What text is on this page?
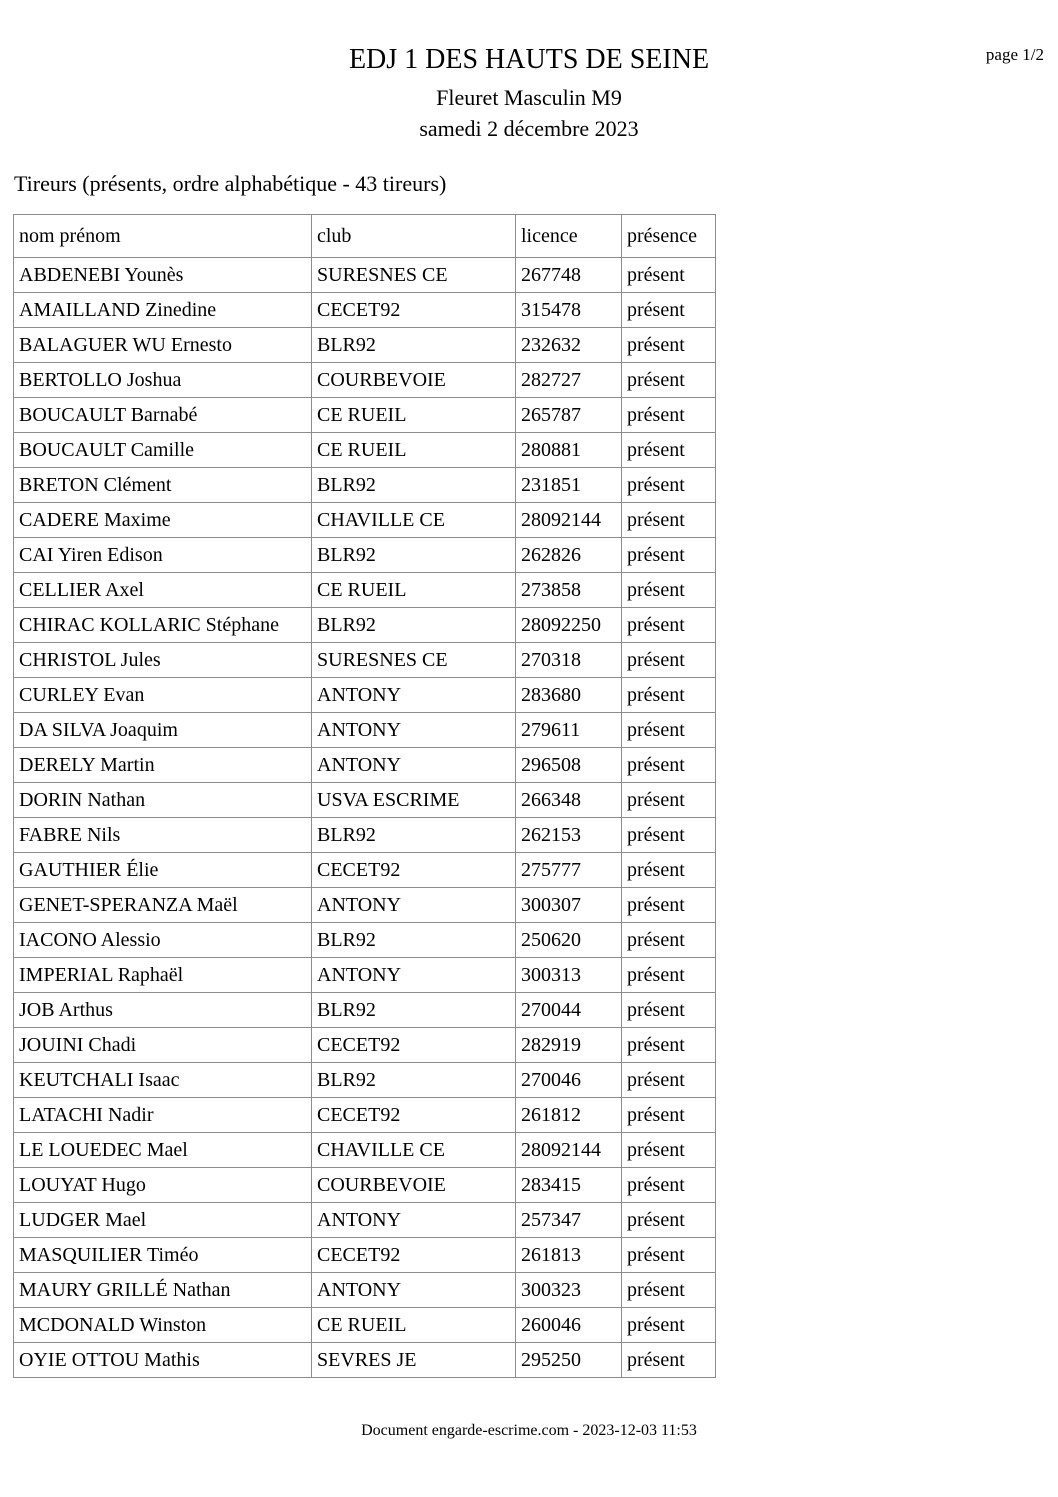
page 1/2
EDJ 1 DES HAUTS DE SEINE
Fleuret Masculin M9
samedi 2 décembre 2023
Tireurs (présents, ordre alphabétique - 43 tireurs)
nom prénom	club	licence	présence
ABDENEBI Younès	SURESNES CE	267748	présent
AMAILLAND Zinedine	CECET92	315478	présent
BALAGUER WU Ernesto	BLR92	232632	présent
BERTOLLO Joshua	COURBEVOIE	282727	présent
BOUCAULT Barnabé	CE RUEIL	265787	présent
BOUCAULT Camille	CE RUEIL	280881	présent
BRETON Clément	BLR92	231851	présent
CADERE Maxime	CHAVILLE CE	28092144	présent
CAI Yiren Edison	BLR92	262826	présent
CELLIER Axel	CE RUEIL	273858	présent
CHIRAC KOLLARIC Stéphane	BLR92	28092250	présent
CHRISTOL Jules	SURESNES CE	270318	présent
CURLEY Evan	ANTONY	283680	présent
DA SILVA Joaquim	ANTONY	279611	présent
DERELY Martin	ANTONY	296508	présent
DORIN Nathan	USVA ESCRIME	266348	présent
FABRE Nils	BLR92	262153	présent
GAUTHIER Élie	CECET92	275777	présent
GENET-SPERANZA Maël	ANTONY	300307	présent
IACONO Alessio	BLR92	250620	présent
IMPERIAL Raphaël	ANTONY	300313	présent
JOB Arthus	BLR92	270044	présent
JOUINI Chadi	CECET92	282919	présent
KEUTCHALI Isaac	BLR92	270046	présent
LATACHI Nadir	CECET92	261812	présent
LE LOUEDEC Mael	CHAVILLE CE	28092144	présent
LOUYAT Hugo	COURBEVOIE	283415	présent
LUDGER Mael	ANTONY	257347	présent
MASQUILIER Timéo	CECET92	261813	présent
MAURY GRILLÉ Nathan	ANTONY	300323	présent
MCDONALD Winston	CE RUEIL	260046	présent
OYIE OTTOU Mathis	SEVRES JE	295250	présent
Document engarde-escrime.com - 2023-12-03 11:53
